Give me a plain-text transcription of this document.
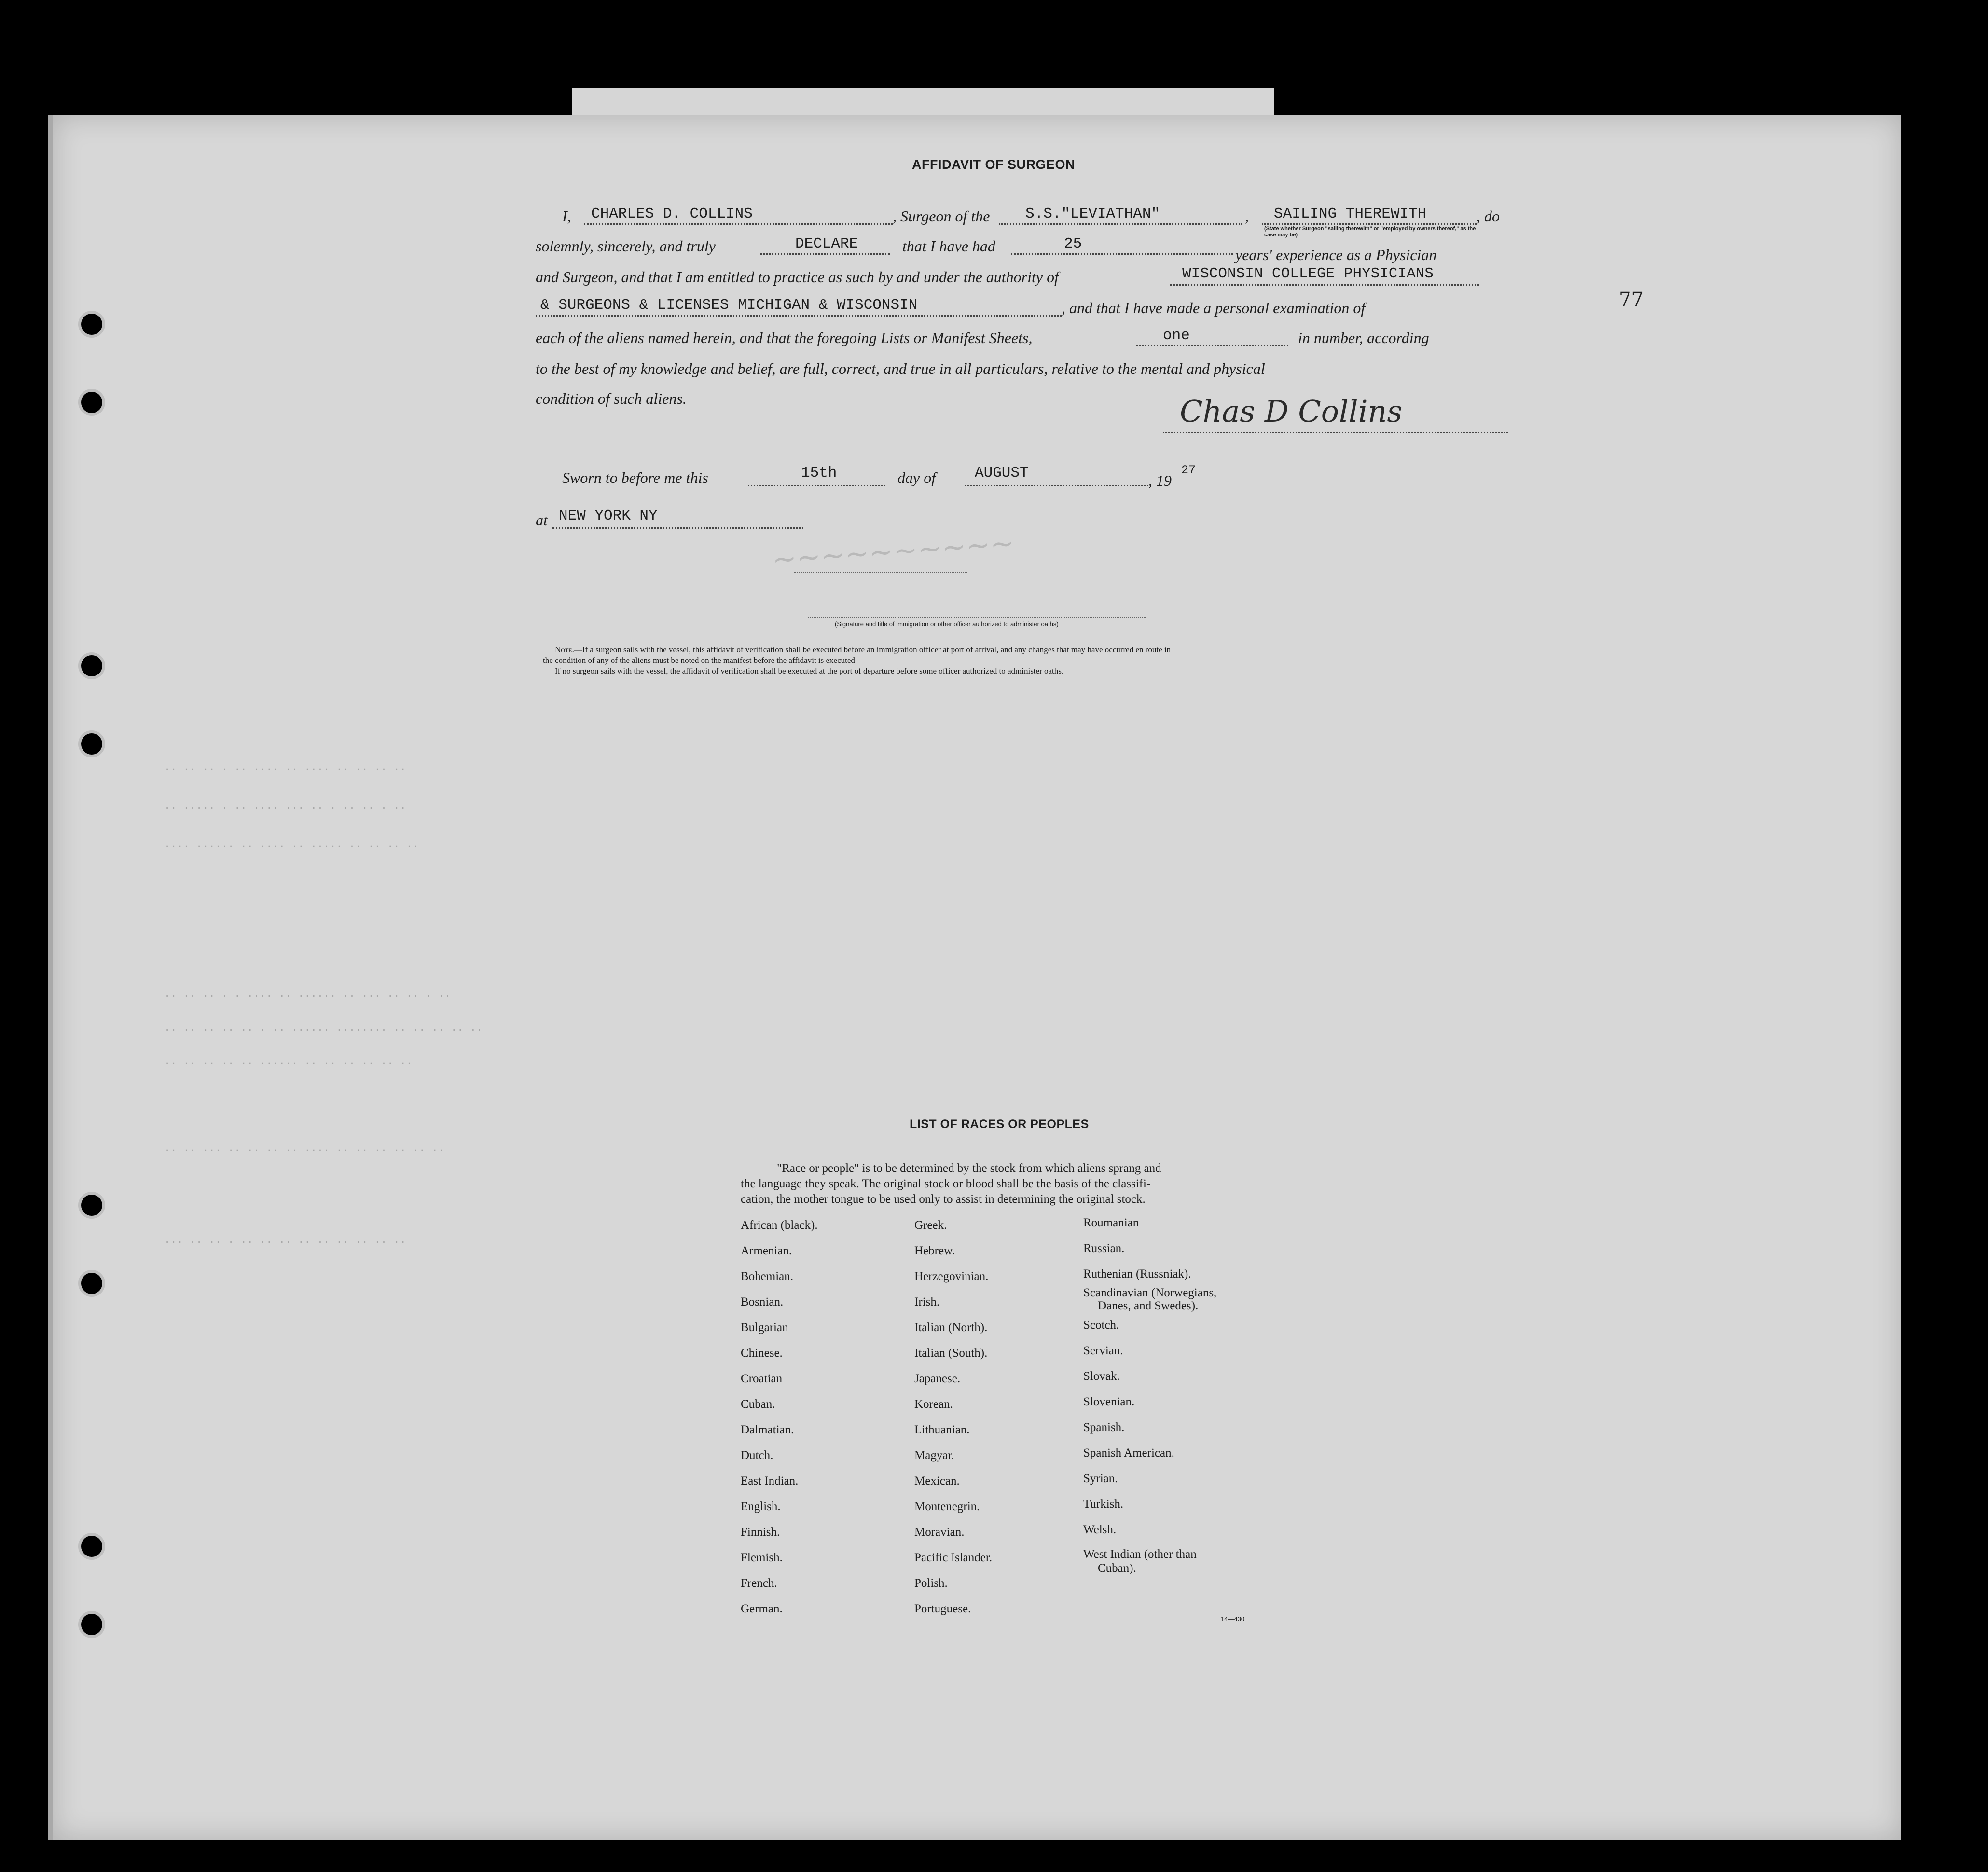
77
AFFIDAVIT OF SURGEON
I, CHARLES D. COLLINS	, Surgeon of the S.S."LEVIATHAN"	, SAILING THEREWITH	, do
(State whether Surgeon "sailing therewith" or "employed by owners thereof," as the case may be)
solemnly, sincerely, and truly	DECLARE	that I have had	25
years' experience as a Physician
and Surgeon, and that I am entitled to practice as such by and under the authority of	WISCONSIN COLLEGE PHYSICIANS
& SURGEONS & LICENSES MICHIGAN & WISCONSIN	, and that I have made a personal examination of
each of the aliens named herein, and that the foregoing Lists or Manifest Sheets,	one	in number, according
to the best of my knowledge and belief, are full, correct, and true in all particulars, relative to the mental and physical
condition of such aliens.	Chas D Collins
Sworn to before me this	15th	day of	AUGUST	, 19
27
at NEW YORK NY
~~~~~~~~~~
(Signature and title of immigration or other officer authorized to administer oaths)
Note.—If a surgeon sails with the vessel, this affidavit of verification shall be executed before an immigration officer at port of arrival, and any changes that may have occurred en route in
the condition of any of the aliens must be noted on the manifest before the affidavit is executed.
If no surgeon sails with the vessel, the affidavit of verification shall be executed at the port of departure before some officer authorized to administer oaths.
.. .. .. . .. .... .. .... .. .. .. ..
.. ..... . .. .... ... .. . .. .. . ..
.... ...... .. .... .. ..... .. .. .. ..
.. .. .. . . .... .. ...... .. ... .. .. . ..
.. .. .. .. .. . .. ...... ........ .. .. .. .. ..
.. .. .. .. .. ...... .. .. .. .. .. ..
.. .. ... .. .. .. .. .... .. .. .. .. .. ..
... .. .. . .. .. .. .. .. .. .. .. ..
LIST OF RACES OR PEOPLES
"Race or people" is to be determined by the stock from which aliens sprang and
the language they speak. The original stock or blood shall be the basis of the classifi-
cation, the mother tongue to be used only to assist in determining the original stock.
African (black).
Armenian.
Bohemian.
Bosnian.
Bulgarian
Chinese.
Croatian
Cuban.
Dalmatian.
Dutch.
East Indian.
English.
Finnish.
Flemish.
French.
German.
Greek.
Hebrew.
Herzegovinian.
Irish.
Italian (North).
Italian (South).
Japanese.
Korean.
Lithuanian.
Magyar.
Mexican.
Montenegrin.
Moravian.
Pacific Islander.
Polish.
Portuguese.
Roumanian
Russian.
Ruthenian (Russniak).
Scandinavian (Norwegians,
Danes, and Swedes).
Scotch.
Servian.
Slovak.
Slovenian.
Spanish.
Spanish American.
Syrian.
Turkish.
Welsh.
West Indian (other than
Cuban).
14—430
